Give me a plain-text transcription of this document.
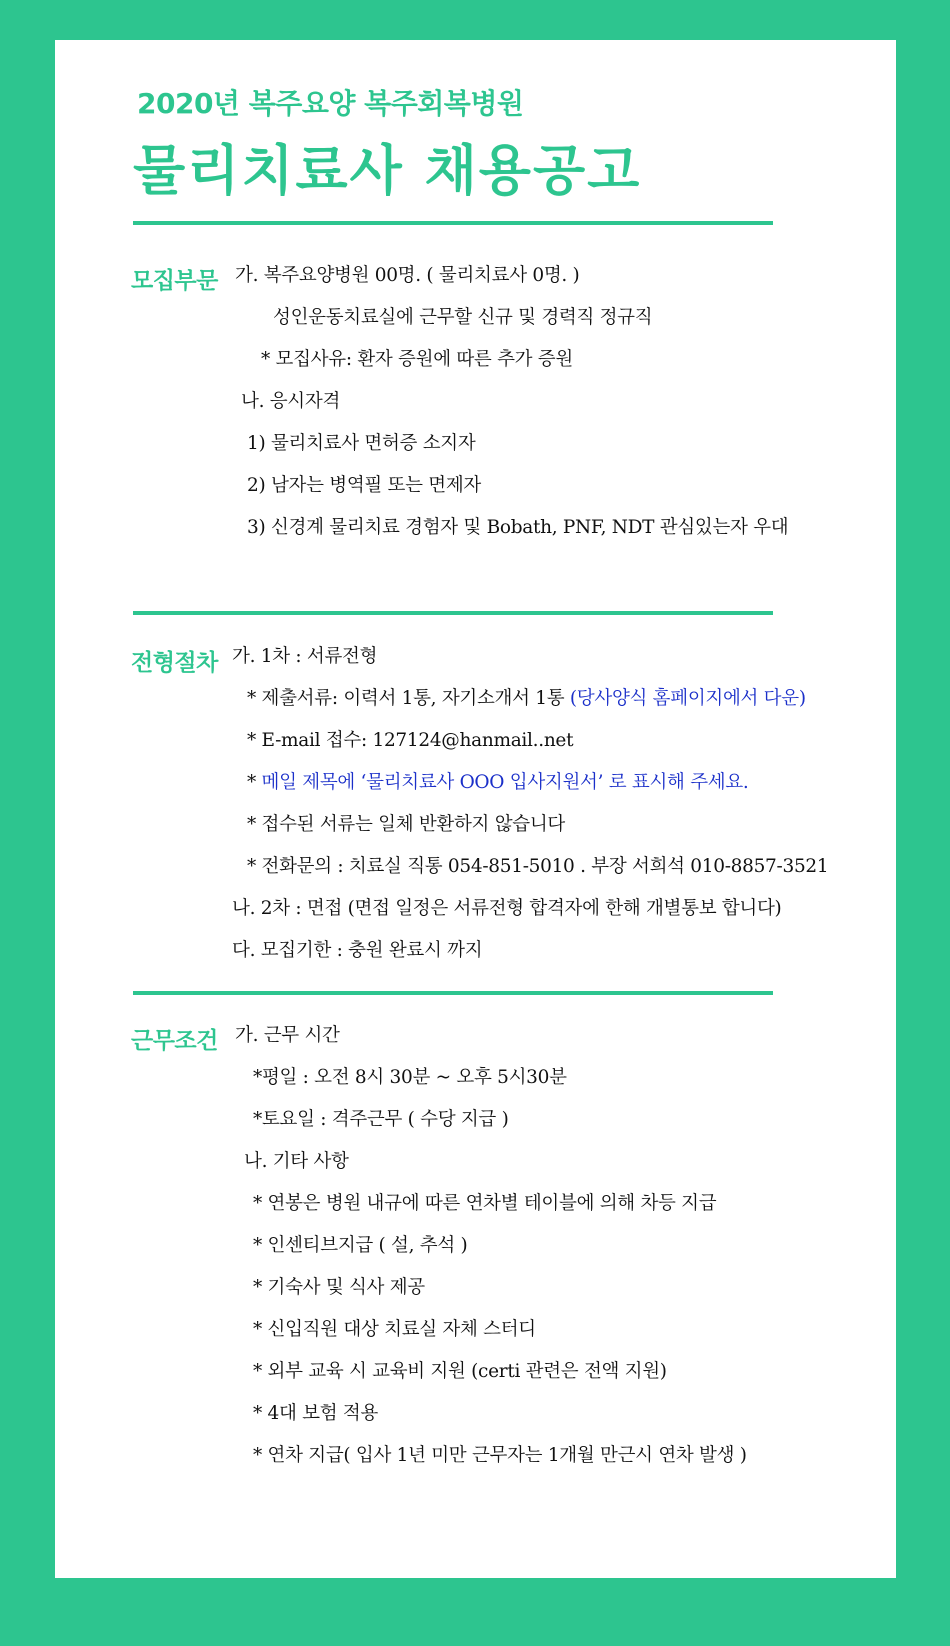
2020년 복주요양 복주회복병원
물리치료사 채용공고
모집부문 가. 복주요양병원 00명. ( 물리치료사 0명. )
성인운동치료실에 근무할 신규 및 경력직 정규직
* 모집사유: 환자 증원에 따른 추가 증원
나. 응시자격
1) 물리치료사 면허증 소지자
2) 남자는 병역필 또는 면제자
3) 신경계 물리치료 경험자 및 Bobath, PNF, NDT 관심있는자 우대
전형절차 가. 1차 : 서류전형
* 제출서류: 이력서 1통, 자기소개서 1통 (당사양식 홈페이지에서 다운)
* E-mail 접수: 127124@hanmail..net
* 메일 제목에 ‘물리치료사 OOO 입사지원서’ 로 표시해 주세요.
* 접수된 서류는 일체 반환하지 않습니다
* 전화문의 : 치료실 직통 054-851-5010 . 부장 서희석 010-8857-3521
나. 2차 : 면접 (면접 일정은 서류전형 합격자에 한해 개별통보 합니다)
다. 모집기한 : 충원 완료시 까지
근무조건 가. 근무 시간
*평일 : 오전 8시 30분 ~ 오후 5시30분
*토요일 : 격주근무 ( 수당 지급 )
나. 기타 사항
* 연봉은 병원 내규에 따른 연차별 테이블에 의해 차등 지급
* 인센티브지급 ( 설, 추석 )
* 기숙사 및 식사 제공
* 신입직원 대상 치료실 자체 스터디
* 외부 교육 시 교육비 지원 (certi 관련은 전액 지원)
* 4대 보험 적용
* 연차 지급( 입사 1년 미만 근무자는 1개월 만근시 연차 발생 )
